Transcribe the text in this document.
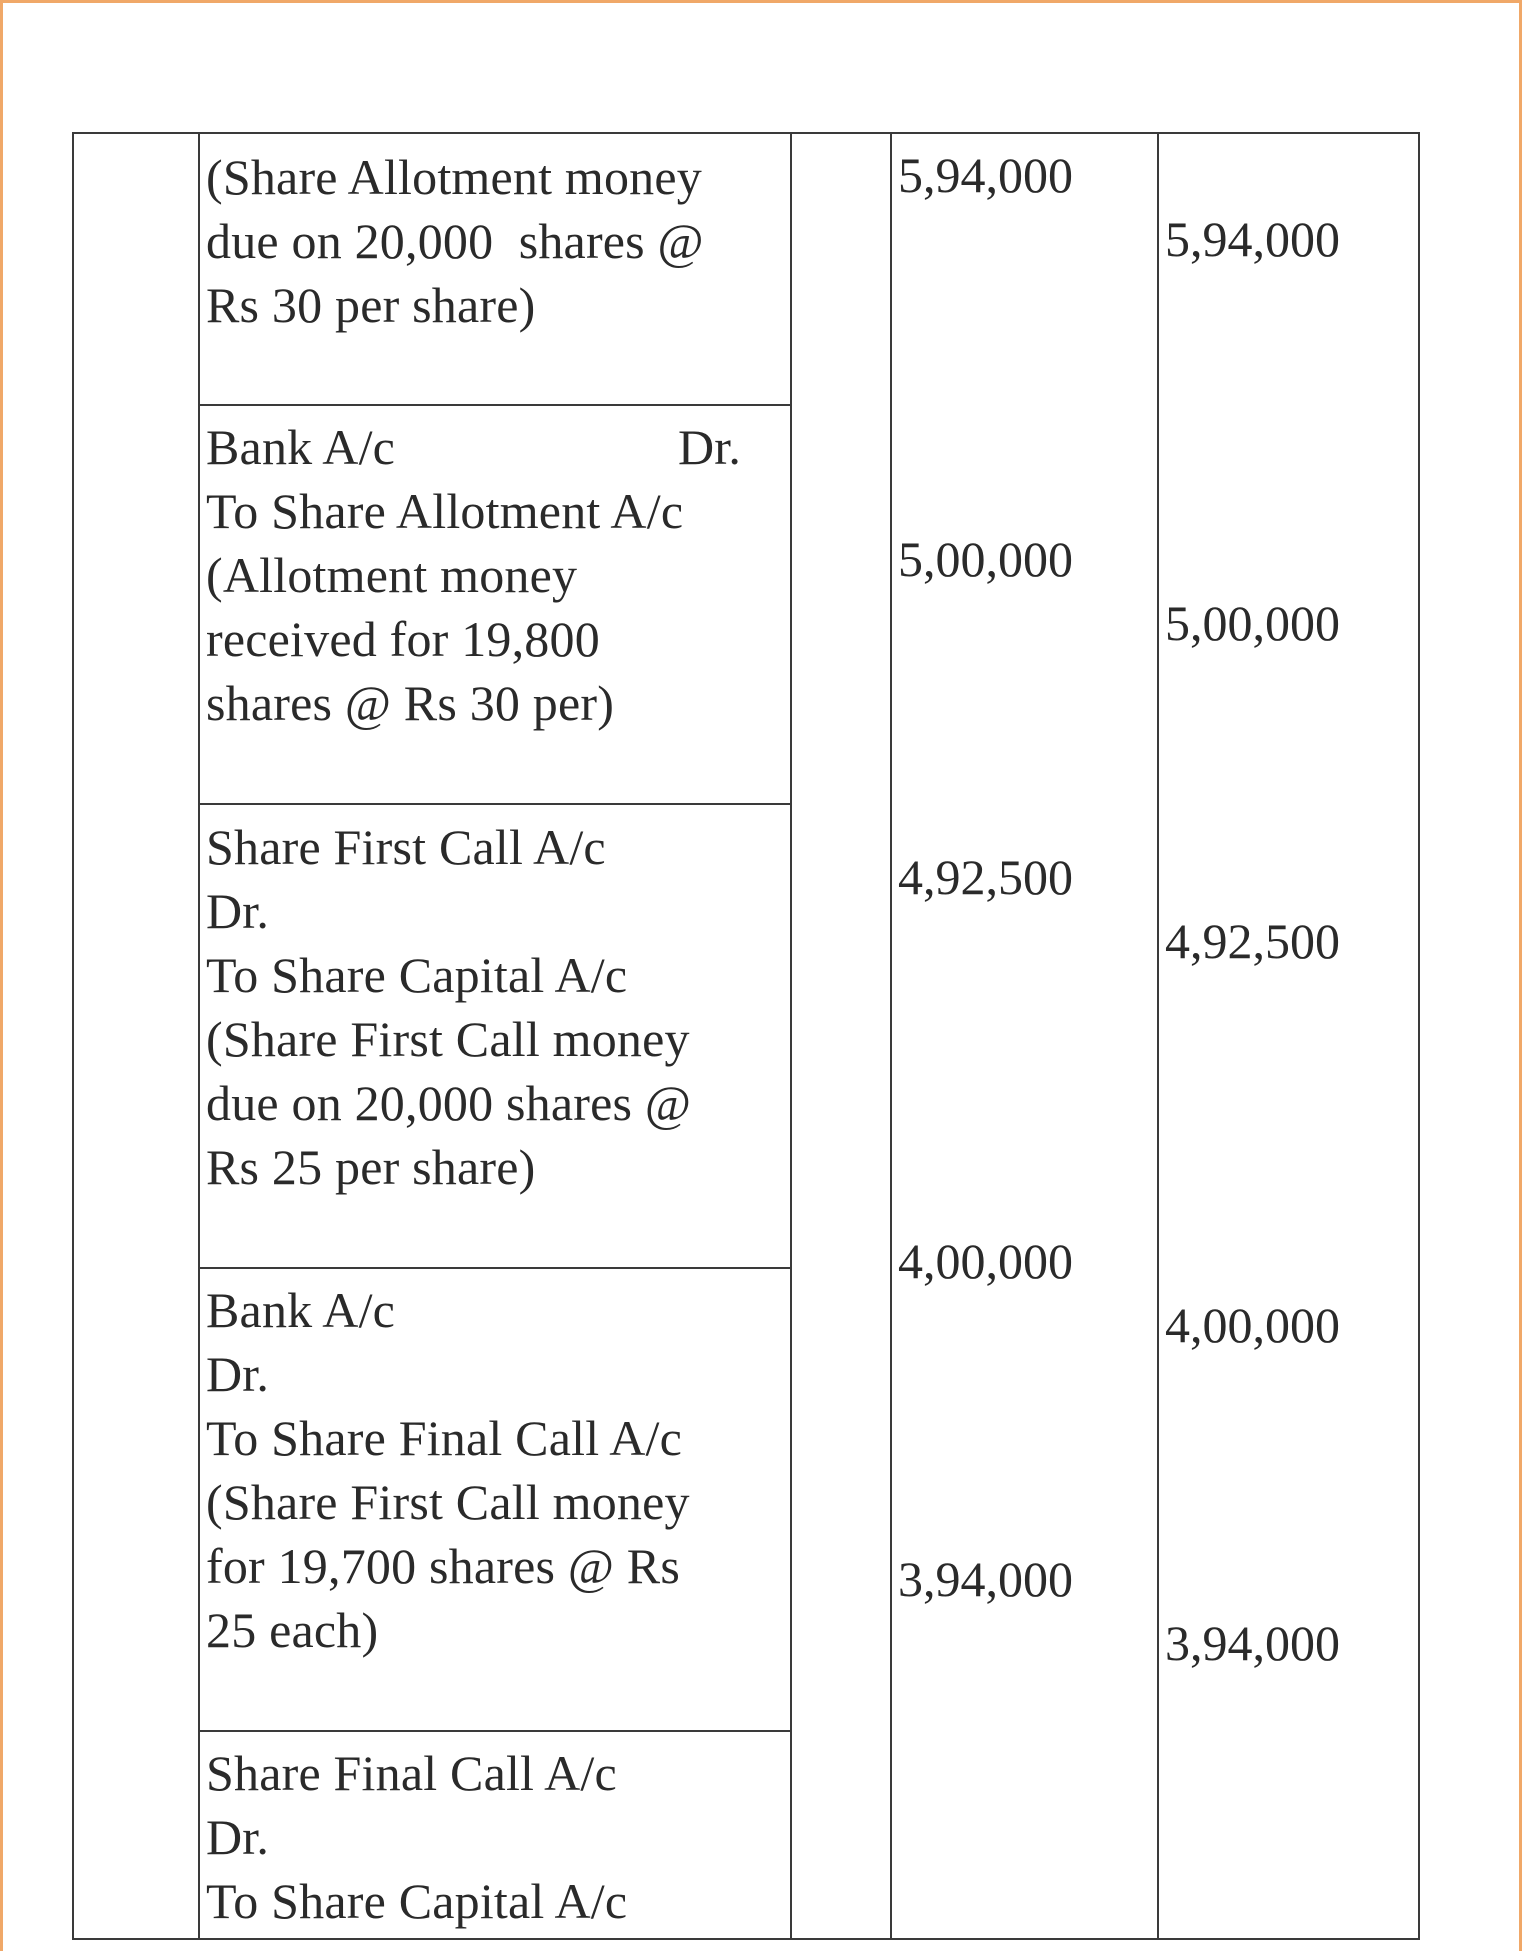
(Share Allotment money
due on 20,000  shares @
Rs 30 per share)
Bank A/c	Dr.
To Share Allotment A/c
(Allotment money
received for 19,800
shares @ Rs 30 per)
Share First Call A/c
Dr.
To Share Capital A/c
(Share First Call money
due on 20,000 shares @
Rs 25 per share)
Bank A/c
Dr.
To Share Final Call A/c
(Share First Call money
for 19,700 shares @ Rs
25 each)
Share Final Call A/c
Dr.
To Share Capital A/c
5,94,000
5,00,000
4,92,500
4,00,000
3,94,000
5,94,000
5,00,000
4,92,500
4,00,000
3,94,000
